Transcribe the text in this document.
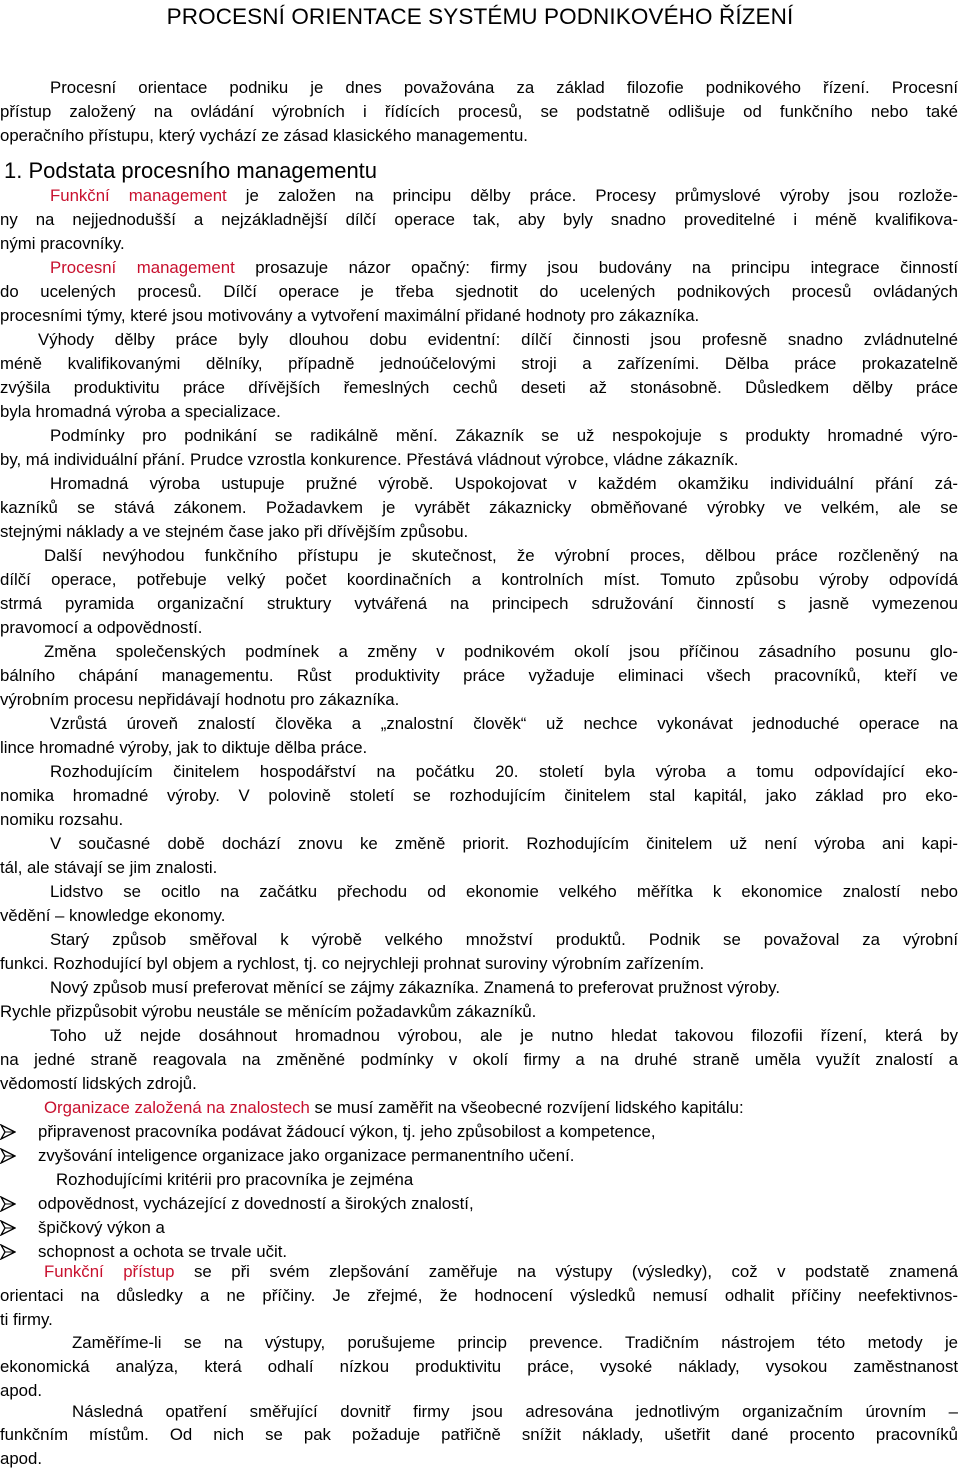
PROCESNÍ ORIENTACE SYSTÉMU PODNIKOVÉHO ŘÍZENÍ
1. Podstata procesního managementu
Procesní orientace podniku je dnes považována za základ filozofie podnikového řízení. Procesní
přístup založený na ovládání výrobních i řídících procesů, se podstatně odlišuje od funkčního nebo také
operačního přístupu, který vychází ze zásad klasického managementu.
Funkční management je založen na principu dělby práce. Procesy průmyslové výroby jsou rozlože-
ny na nejjednodušší a nejzákladnější dílčí operace tak, aby byly snadno proveditelné i méně kvalifikova-
nými pracovníky.
Procesní management prosazuje názor opačný: firmy jsou budovány na principu integrace činností
do ucelených procesů. Dílčí operace je třeba sjednotit do ucelených podnikových procesů ovládaných
procesními týmy, které jsou motivovány a vytvoření maximální přidané hodnoty pro zákazníka.
Výhody dělby práce byly dlouhou dobu evidentní: dílčí činnosti jsou profesně snadno zvládnutelné
méně kvalifikovanými dělníky, případně jednoúčelovými stroji a zařízeními. Dělba práce prokazatelně
zvýšila produktivitu práce dřívějších řemeslných cechů deseti až stonásobně. Důsledkem dělby práce
byla hromadná výroba a specializace.
Podmínky pro podnikání se radikálně mění. Zákazník se už nespokojuje s produkty hromadné výro-
by, má individuální přání. Prudce vzrostla konkurence. Přestává vládnout výrobce, vládne zákazník.
Hromadná výroba ustupuje pružné výrobě. Uspokojovat v každém okamžiku individuální přání zá-
kazníků se stává zákonem. Požadavkem je vyrábět zákaznicky obměňované výrobky ve velkém, ale se
stejnými náklady a ve stejném čase jako při dřívějším způsobu.
Další nevýhodou funkčního přístupu je skutečnost, že výrobní proces, dělbou práce rozčleněný na
dílčí operace, potřebuje velký počet koordinačních a kontrolních míst. Tomuto způsobu výroby odpovídá
strmá pyramida organizační struktury vytvářená na principech sdružování činností s jasně vymezenou
pravomocí a odpovědností.
Změna společenských podmínek a změny v podnikovém okolí jsou příčinou zásadního posunu glo-
bálního chápání managementu. Růst produktivity práce vyžaduje eliminaci všech pracovníků, kteří ve
výrobním procesu nepřidávají hodnotu pro zákazníka.
Vzrůstá úroveň znalostí člověka a „znalostní člověk“ už nechce vykonávat jednoduché operace na
lince hromadné výroby, jak to diktuje dělba práce.
Rozhodujícím činitelem hospodářství na počátku 20. století byla výroba a tomu odpovídající eko-
nomika hromadné výroby. V polovině století se rozhodujícím činitelem stal kapitál, jako základ pro eko-
nomiku rozsahu.
V současné době dochází znovu ke změně priorit. Rozhodujícím činitelem už není výroba ani kapi-
tál, ale stávají se jim znalosti.
Lidstvo se ocitlo na začátku přechodu od ekonomie velkého měřítka k ekonomice znalostí nebo
vědění – knowledge ekonomy.
Starý způsob směřoval k výrobě velkého množství produktů. Podnik se považoval za výrobní
funkci. Rozhodující byl objem a rychlost, tj. co nejrychleji prohnat suroviny výrobním zařízením.
Nový způsob musí preferovat měnící se zájmy zákazníka. Znamená to preferovat pružnost výroby.
Rychle přizpůsobit výrobu neustále se měnícím požadavkům zákazníků.
Toho už nejde dosáhnout hromadnou výrobou, ale je nutno hledat takovou filozofii řízení, která by
na jedné straně reagovala na změněné podmínky v okolí firmy a na druhé straně uměla využít znalostí a
vědomostí lidských zdrojů.
Organizace založená na znalostech se musí zaměřit na všeobecné rozvíjení lidského kapitálu:
připravenost pracovníka podávat žádoucí výkon, tj. jeho způsobilost a kompetence,
zvyšování inteligence organizace jako organizace permanentního učení.
Rozhodujícími kritérii pro pracovníka je zejména
odpovědnost, vycházející z dovedností a širokých znalostí,
špičkový výkon a
schopnost a ochota se trvale učit.
Funkční přístup se při svém zlepšování zaměřuje na výstupy (výsledky), což v podstatě znamená
orientaci na důsledky a ne příčiny. Je zřejmé, že hodnocení výsledků nemusí odhalit příčiny neefektivnos-
ti firmy.
Zaměříme-li se na výstupy, porušujeme princip prevence. Tradičním nástrojem této metody je
ekonomická analýza, která odhalí nízkou produktivitu práce, vysoké náklady, vysokou zaměstnanost
apod.
Následná opatření směřující dovnitř firmy jsou adresována jednotlivým organizačním úrovním –
funkčním místům. Od nich se pak požaduje patřičně snížit náklady, ušetřit dané procento pracovníků
apod.
